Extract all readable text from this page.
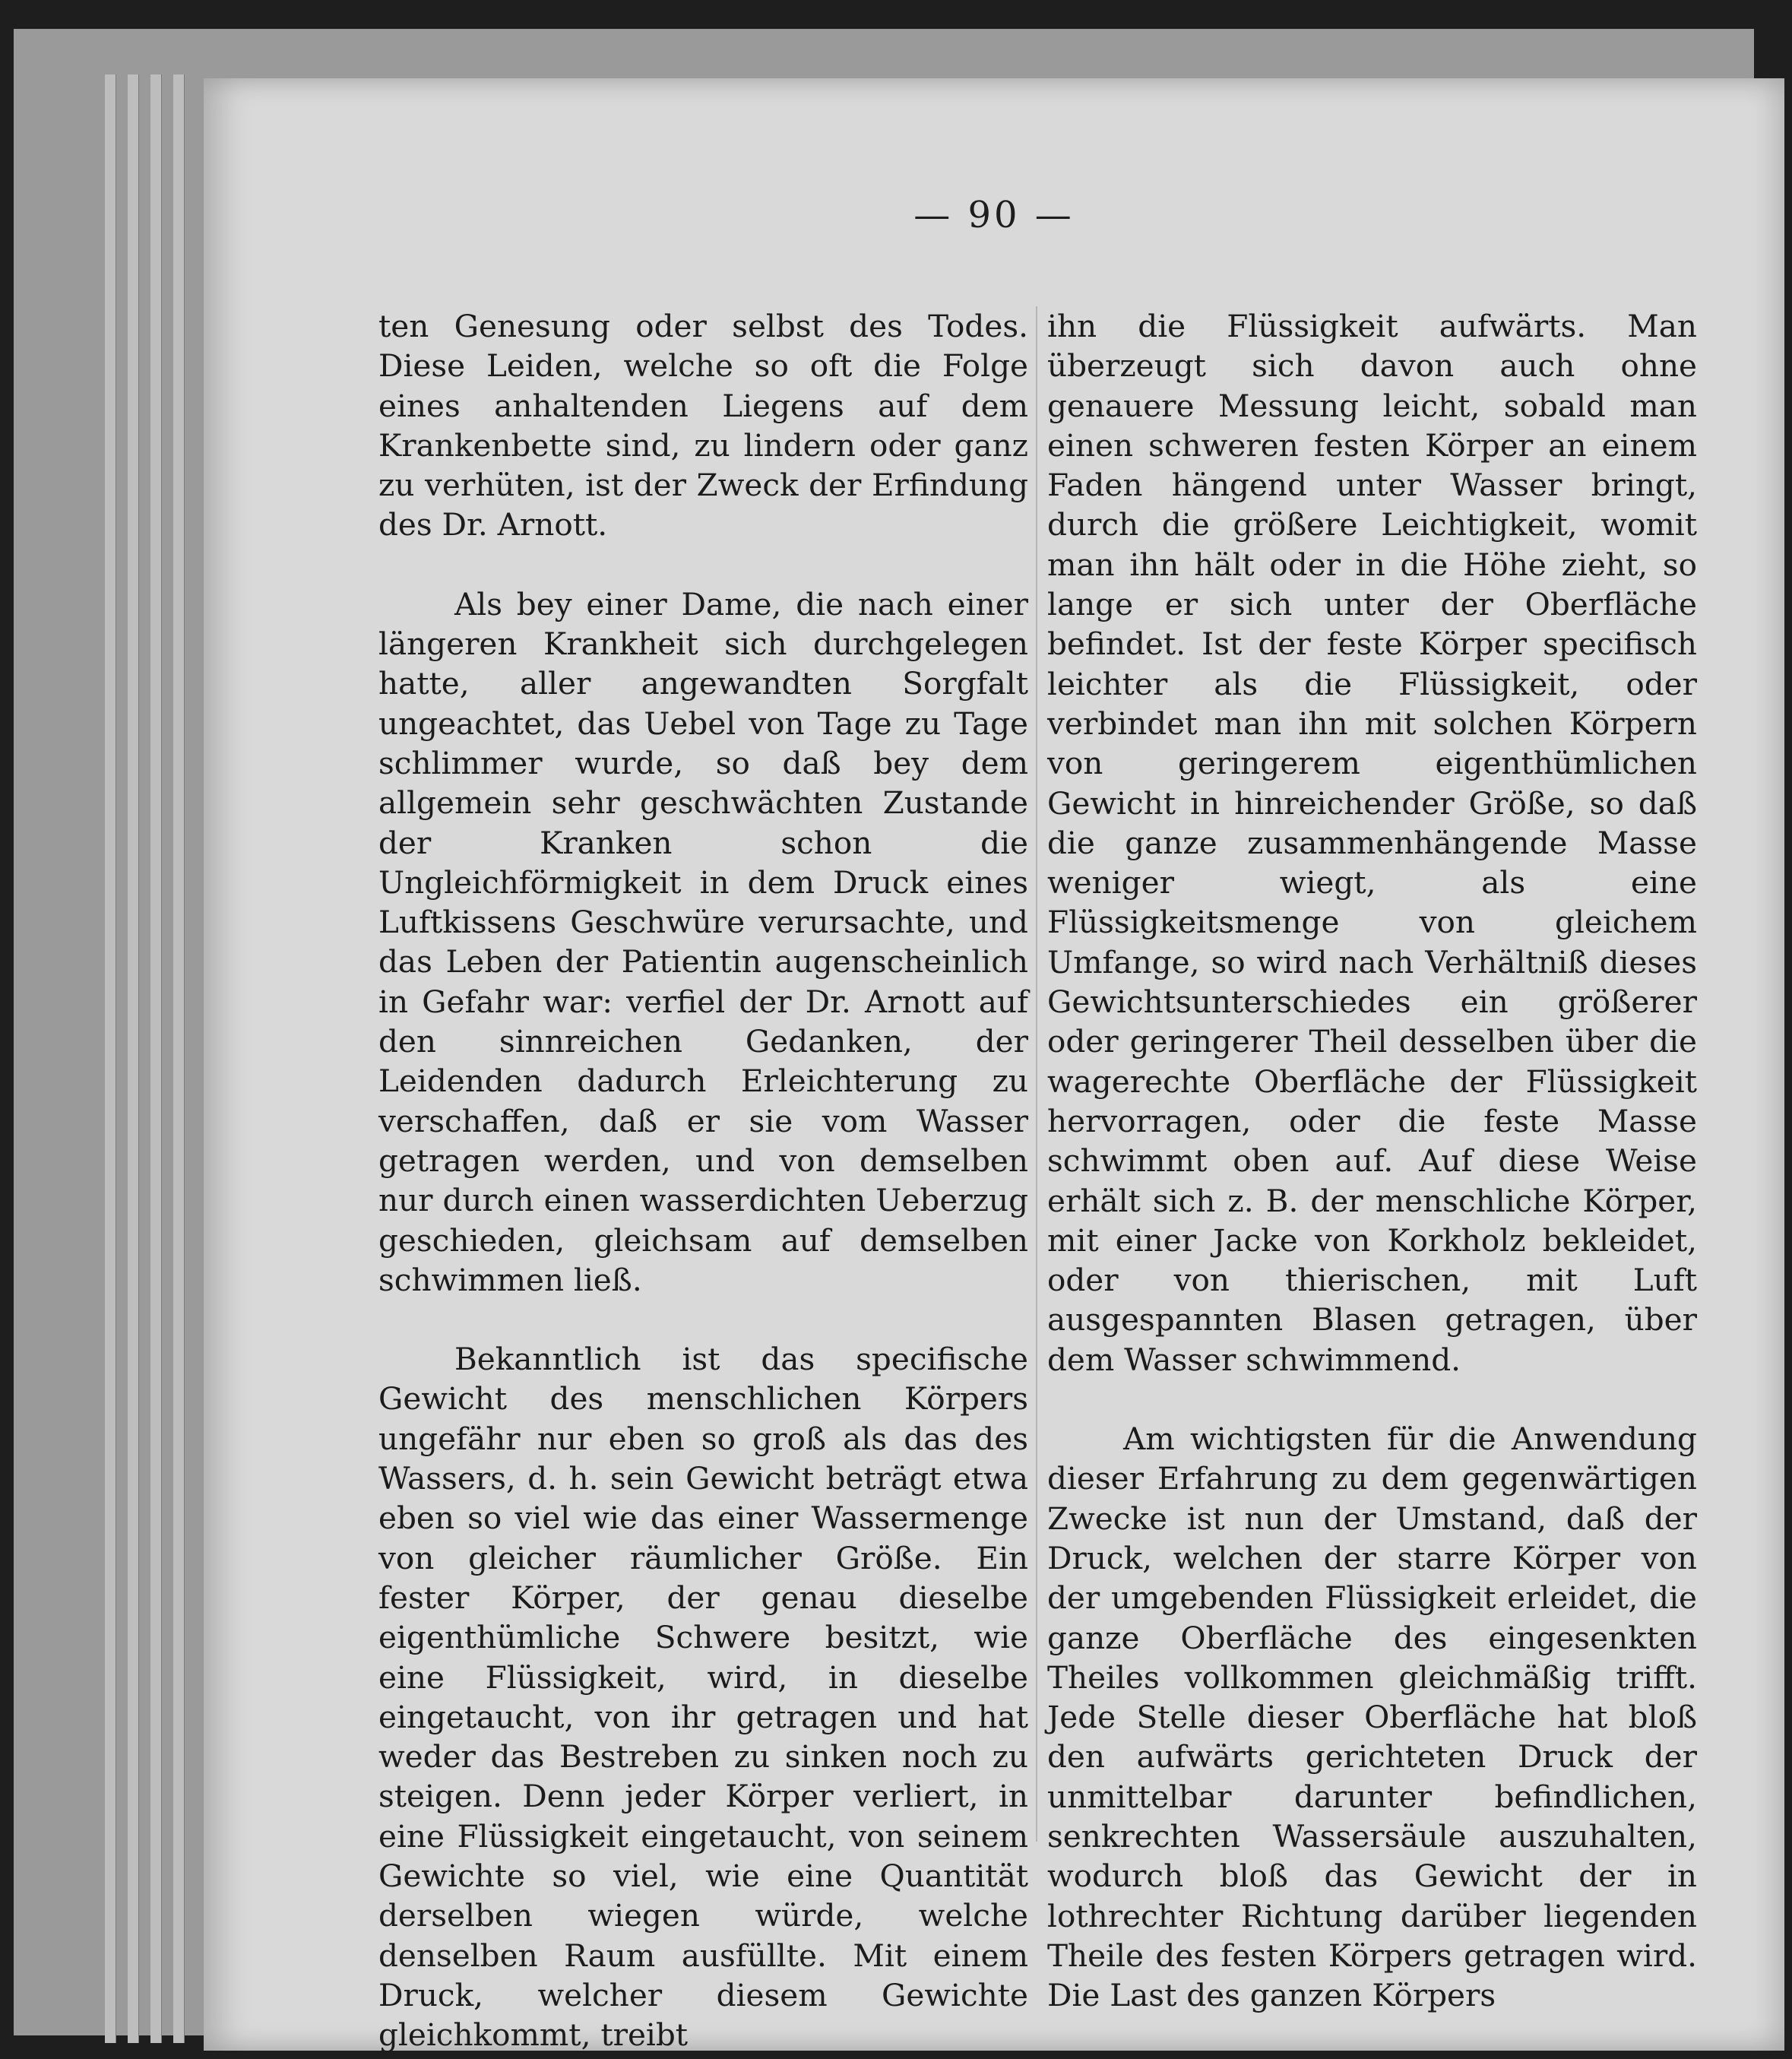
— 90 —

ten Genesung oder selbst des Todes. Diese Leiden, welche so oft die Folge eines anhaltenden Liegens auf dem Krankenbette sind, zu lindern oder ganz zu verhüten, ist der Zweck der Erfindung des Dr. Arnott.

Als bey einer Dame, die nach einer längeren Krankheit sich durchgelegen hatte, aller angewandten Sorgfalt ungeachtet, das Uebel von Tage zu Tage schlimmer wurde, so daß bey dem allgemein sehr geschwächten Zustande der Kranken schon die Ungleichförmigkeit in dem Druck eines Luftkissens Geschwüre verursachte, und das Leben der Patientin augenscheinlich in Gefahr war: verfiel der Dr. Arnott auf den sinnreichen Gedanken, der Leidenden dadurch Erleichterung zu verschaffen, daß er sie vom Wasser getragen werden, und von demselben nur durch einen wasserdichten Ueberzug geschieden, gleichsam auf demselben schwimmen ließ.

Bekanntlich ist das specifische Gewicht des menschlichen Körpers ungefähr nur eben so groß als das des Wassers, d. h. sein Gewicht beträgt etwa eben so viel wie das einer Wassermenge von gleicher räumlicher Größe. Ein fester Körper, der genau dieselbe eigenthümliche Schwere besitzt, wie eine Flüssigkeit, wird, in dieselbe eingetaucht, von ihr getragen und hat weder das Bestreben zu sinken noch zu steigen. Denn jeder Körper verliert, in eine Flüssigkeit eingetaucht, von seinem Gewichte so viel, wie eine Quantität derselben wiegen würde, welche denselben Raum ausfüllte. Mit einem Druck, welcher diesem Gewichte gleichkommt, treibt

ihn die Flüssigkeit aufwärts. Man überzeugt sich davon auch ohne genauere Messung leicht, sobald man einen schweren festen Körper an einem Faden hängend unter Wasser bringt, durch die größere Leichtigkeit, womit man ihn hält oder in die Höhe zieht, so lange er sich unter der Oberfläche befindet. Ist der feste Körper specifisch leichter als die Flüssigkeit, oder verbindet man ihn mit solchen Körpern von geringerem eigenthümlichen Gewicht in hinreichender Größe, so daß die ganze zusammenhängende Masse weniger wiegt, als eine Flüssigkeitsmenge von gleichem Umfange, so wird nach Verhältniß dieses Gewichtsunterschiedes ein größerer oder geringerer Theil desselben über die wagerechte Oberfläche der Flüssigkeit hervorragen, oder die feste Masse schwimmt oben auf. Auf diese Weise erhält sich z. B. der menschliche Körper, mit einer Jacke von Korkholz bekleidet, oder von thierischen, mit Luft ausgespannten Blasen getragen, über dem Wasser schwimmend.

Am wichtigsten für die Anwendung dieser Erfahrung zu dem gegenwärtigen Zwecke ist nun der Umstand, daß der Druck, welchen der starre Körper von der umgebenden Flüssigkeit erleidet, die ganze Oberfläche des eingesenkten Theiles vollkommen gleichmäßig trifft. Jede Stelle dieser Oberfläche hat bloß den aufwärts gerichteten Druck der unmittelbar darunter befindlichen, senkrechten Wassersäule auszuhalten, wodurch bloß das Gewicht der in lothrechter Richtung darüber liegenden Theile des festen Körpers getragen wird. Die Last des ganzen Körpers
